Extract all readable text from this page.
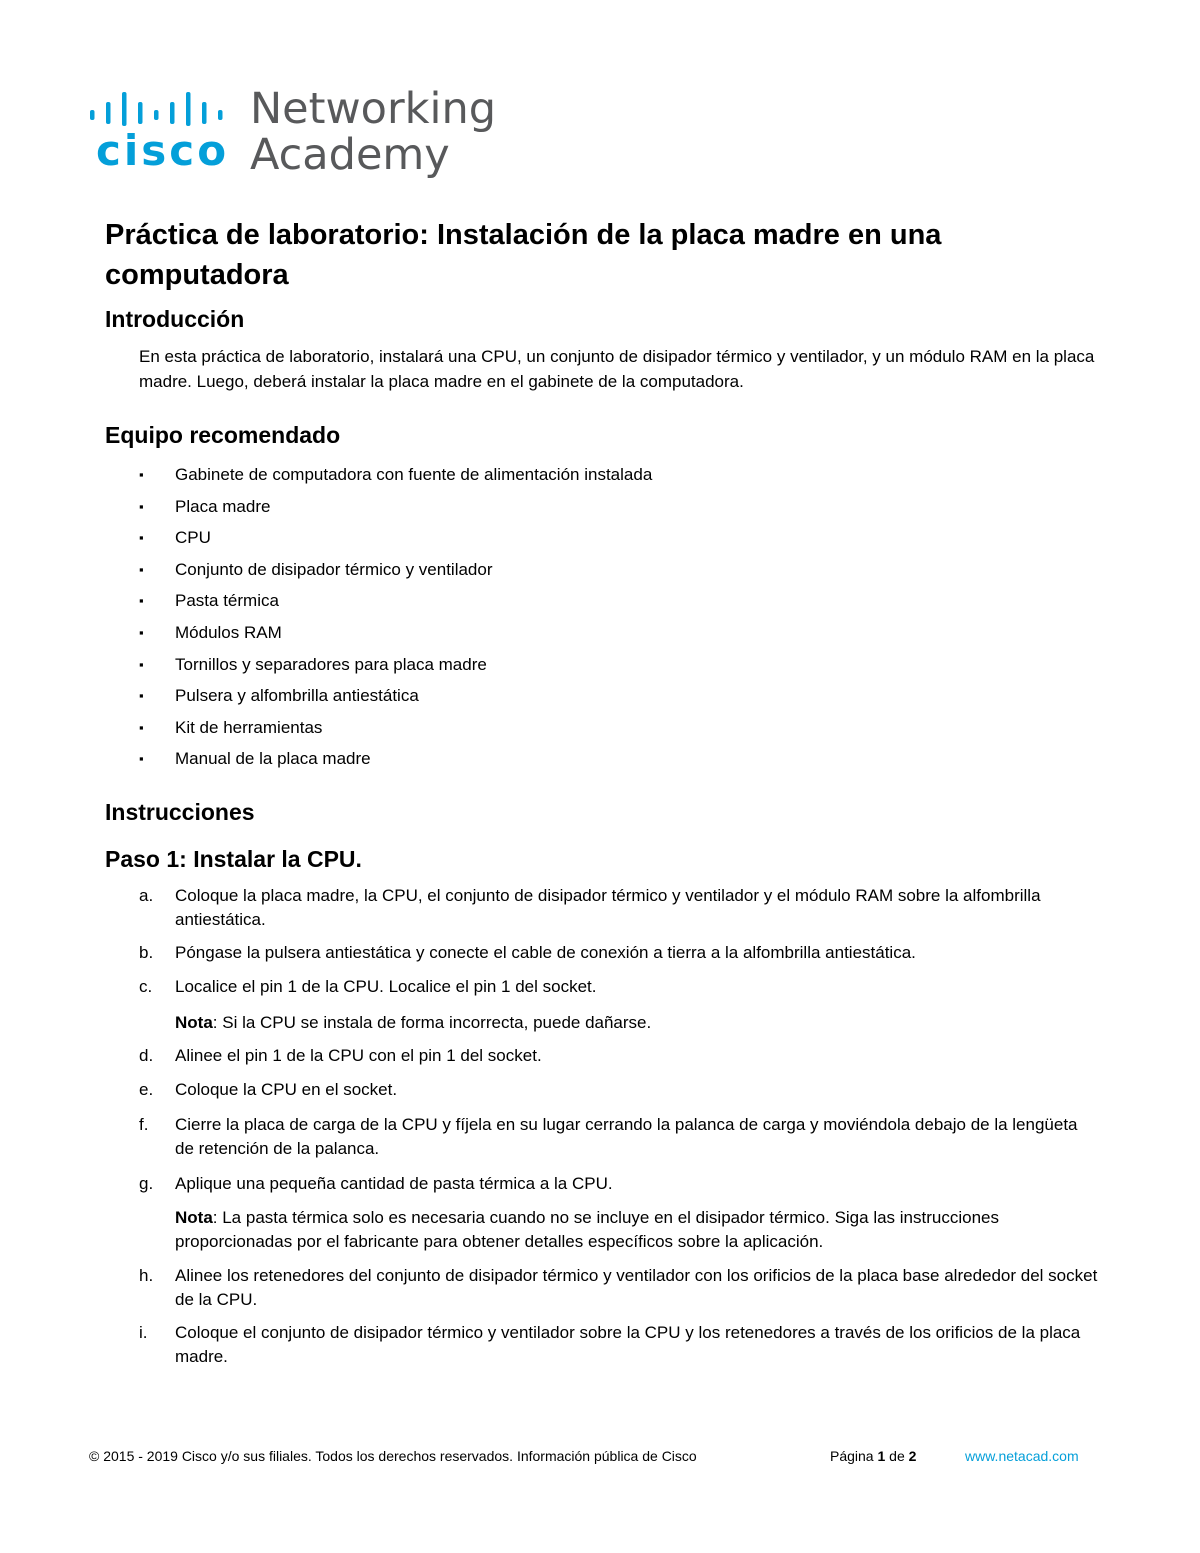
cisco
Networking
Academy
Práctica de laboratorio: Instalación de la placa madre en una computadora
Introducción

En esta práctica de laboratorio, instalará una CPU, un conjunto de disipador térmico y ventilador, y un módulo RAM en la placa madre. Luego, deberá instalar la placa madre en el gabinete de la computadora.

Equipo recomendado
▪ Gabinete de computadora con fuente de alimentación instalada
▪ Placa madre
▪ CPU
▪ Conjunto de disipador térmico y ventilador
▪ Pasta térmica
▪ Módulos RAM
▪ Tornillos y separadores para placa madre
▪ Pulsera y alfombrilla antiestática
▪ Kit de herramientas
▪ Manual de la placa madre
Instrucciones
Paso 1: Instalar la CPU.
a. Coloque la placa madre, la CPU, el conjunto de disipador térmico y ventilador y el módulo RAM sobre la alfombrilla antiestática.
b. Póngase la pulsera antiestática y conecte el cable de conexión a tierra a la alfombrilla antiestática.
c. Localice el pin 1 de la CPU. Localice el pin 1 del socket.
Nota: Si la CPU se instala de forma incorrecta, puede dañarse.
d. Alinee el pin 1 de la CPU con el pin 1 del socket.
e. Coloque la CPU en el socket.
f. Cierre la placa de carga de la CPU y fíjela en su lugar cerrando la palanca de carga y moviéndola debajo de la lengüeta de retención de la palanca.
g. Aplique una pequeña cantidad de pasta térmica a la CPU.
Nota: La pasta térmica solo es necesaria cuando no se incluye en el disipador térmico. Siga las instrucciones proporcionadas por el fabricante para obtener detalles específicos sobre la aplicación.
h. Alinee los retenedores del conjunto de disipador térmico y ventilador con los orificios de la placa base alrededor del socket de la CPU.
i. Coloque el conjunto de disipador térmico y ventilador sobre la CPU y los retenedores a través de los orificios de la placa madre.
© 2015 - 2019 Cisco y/o sus filiales. Todos los derechos reservados. Información pública de Cisco	Página 1 de 2	www.netacad.com
